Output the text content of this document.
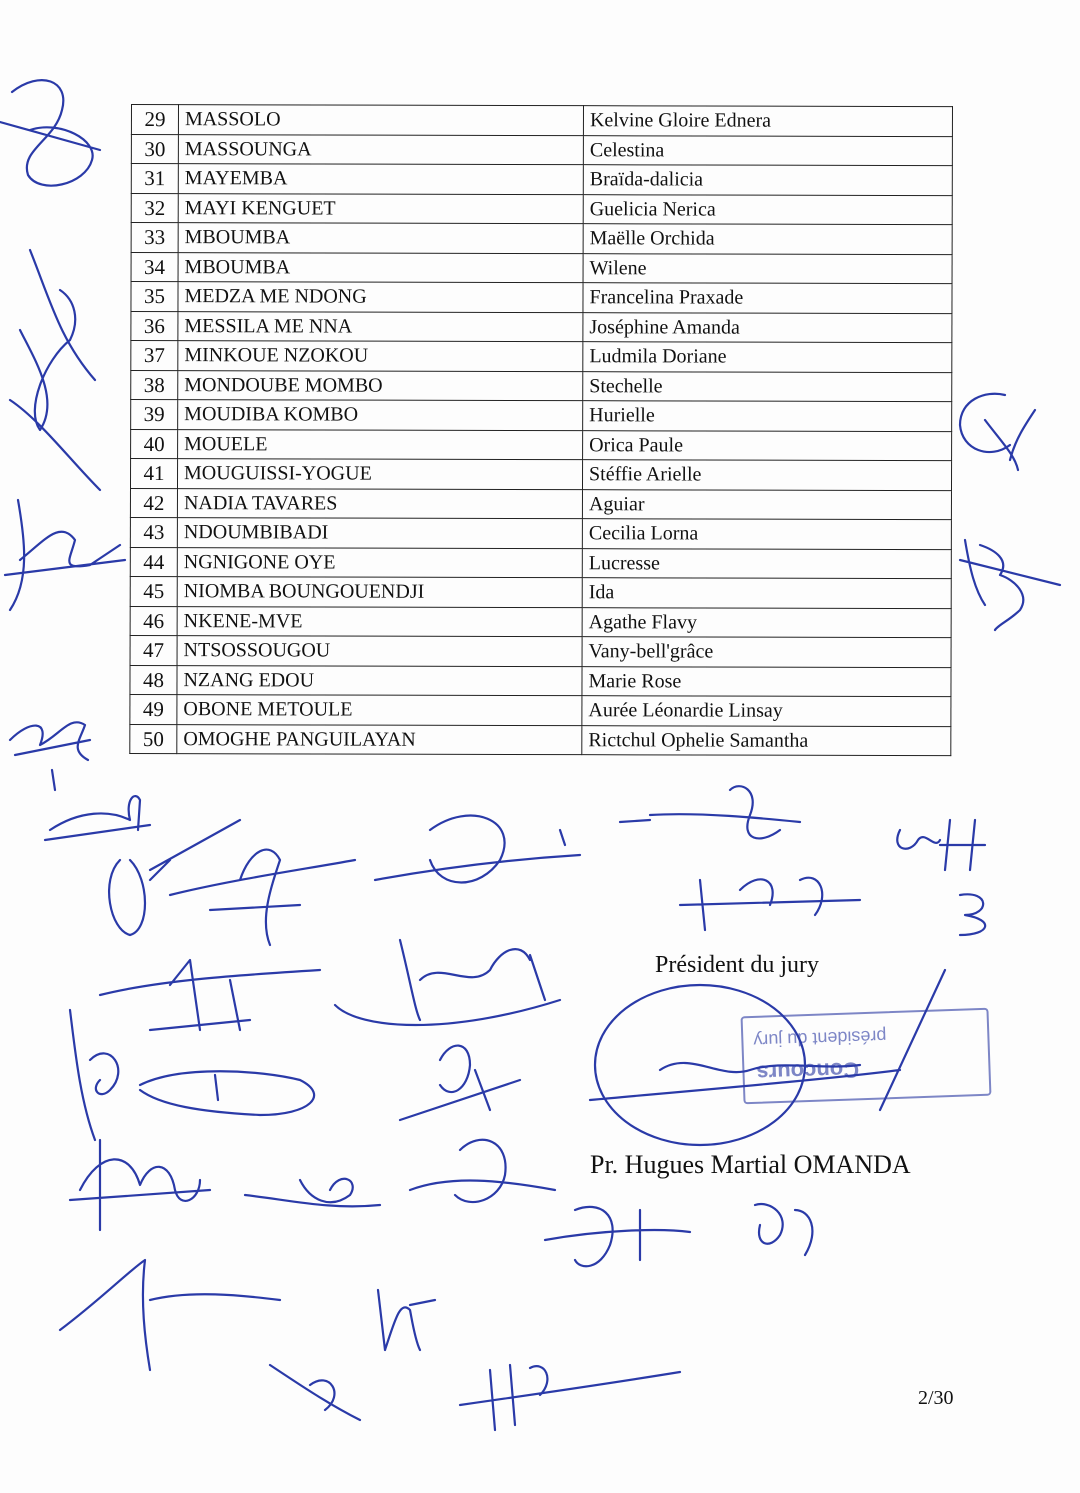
29	MASSOLO	Kelvine Gloire Ednera
30	MASSOUNGA	Celestina
31	MAYEMBA	Braïda-dalicia
32	MAYI KENGUET	Guelicia Nerica
33	MBOUMBA	Maëlle Orchida
34	MBOUMBA	Wilene
35	MEDZA ME NDONG	Francelina Praxade
36	MESSILA ME NNA	Joséphine Amanda
37	MINKOUE NZOKOU	Ludmila Doriane
38	MONDOUBE MOMBO	Stechelle
39	MOUDIBA KOMBO	Hurielle
40	MOUELE	Orica Paule
41	MOUGUISSI-YOGUE	Stéffie Arielle
42	NADIA TAVARES	Aguiar
43	NDOUMBIBADI	Cecilia Lorna
44	NGNIGONE OYE	Lucresse
45	NIOMBA BOUNGOUENDJI	Ida
46	NKENE-MVE	Agathe Flavy
47	NTSOSSOUGOU	Vany-bell'grâce
48	NZANG EDOU	Marie Rose
49	OBONE METOULE	Aurée Léonardie Linsay
50	OMOGHE PANGUILAYAN	Rictchul Ophelie Samantha
Président du jury
président du jury
Concours
Pr. Hugues Martial OMANDA
2/30
